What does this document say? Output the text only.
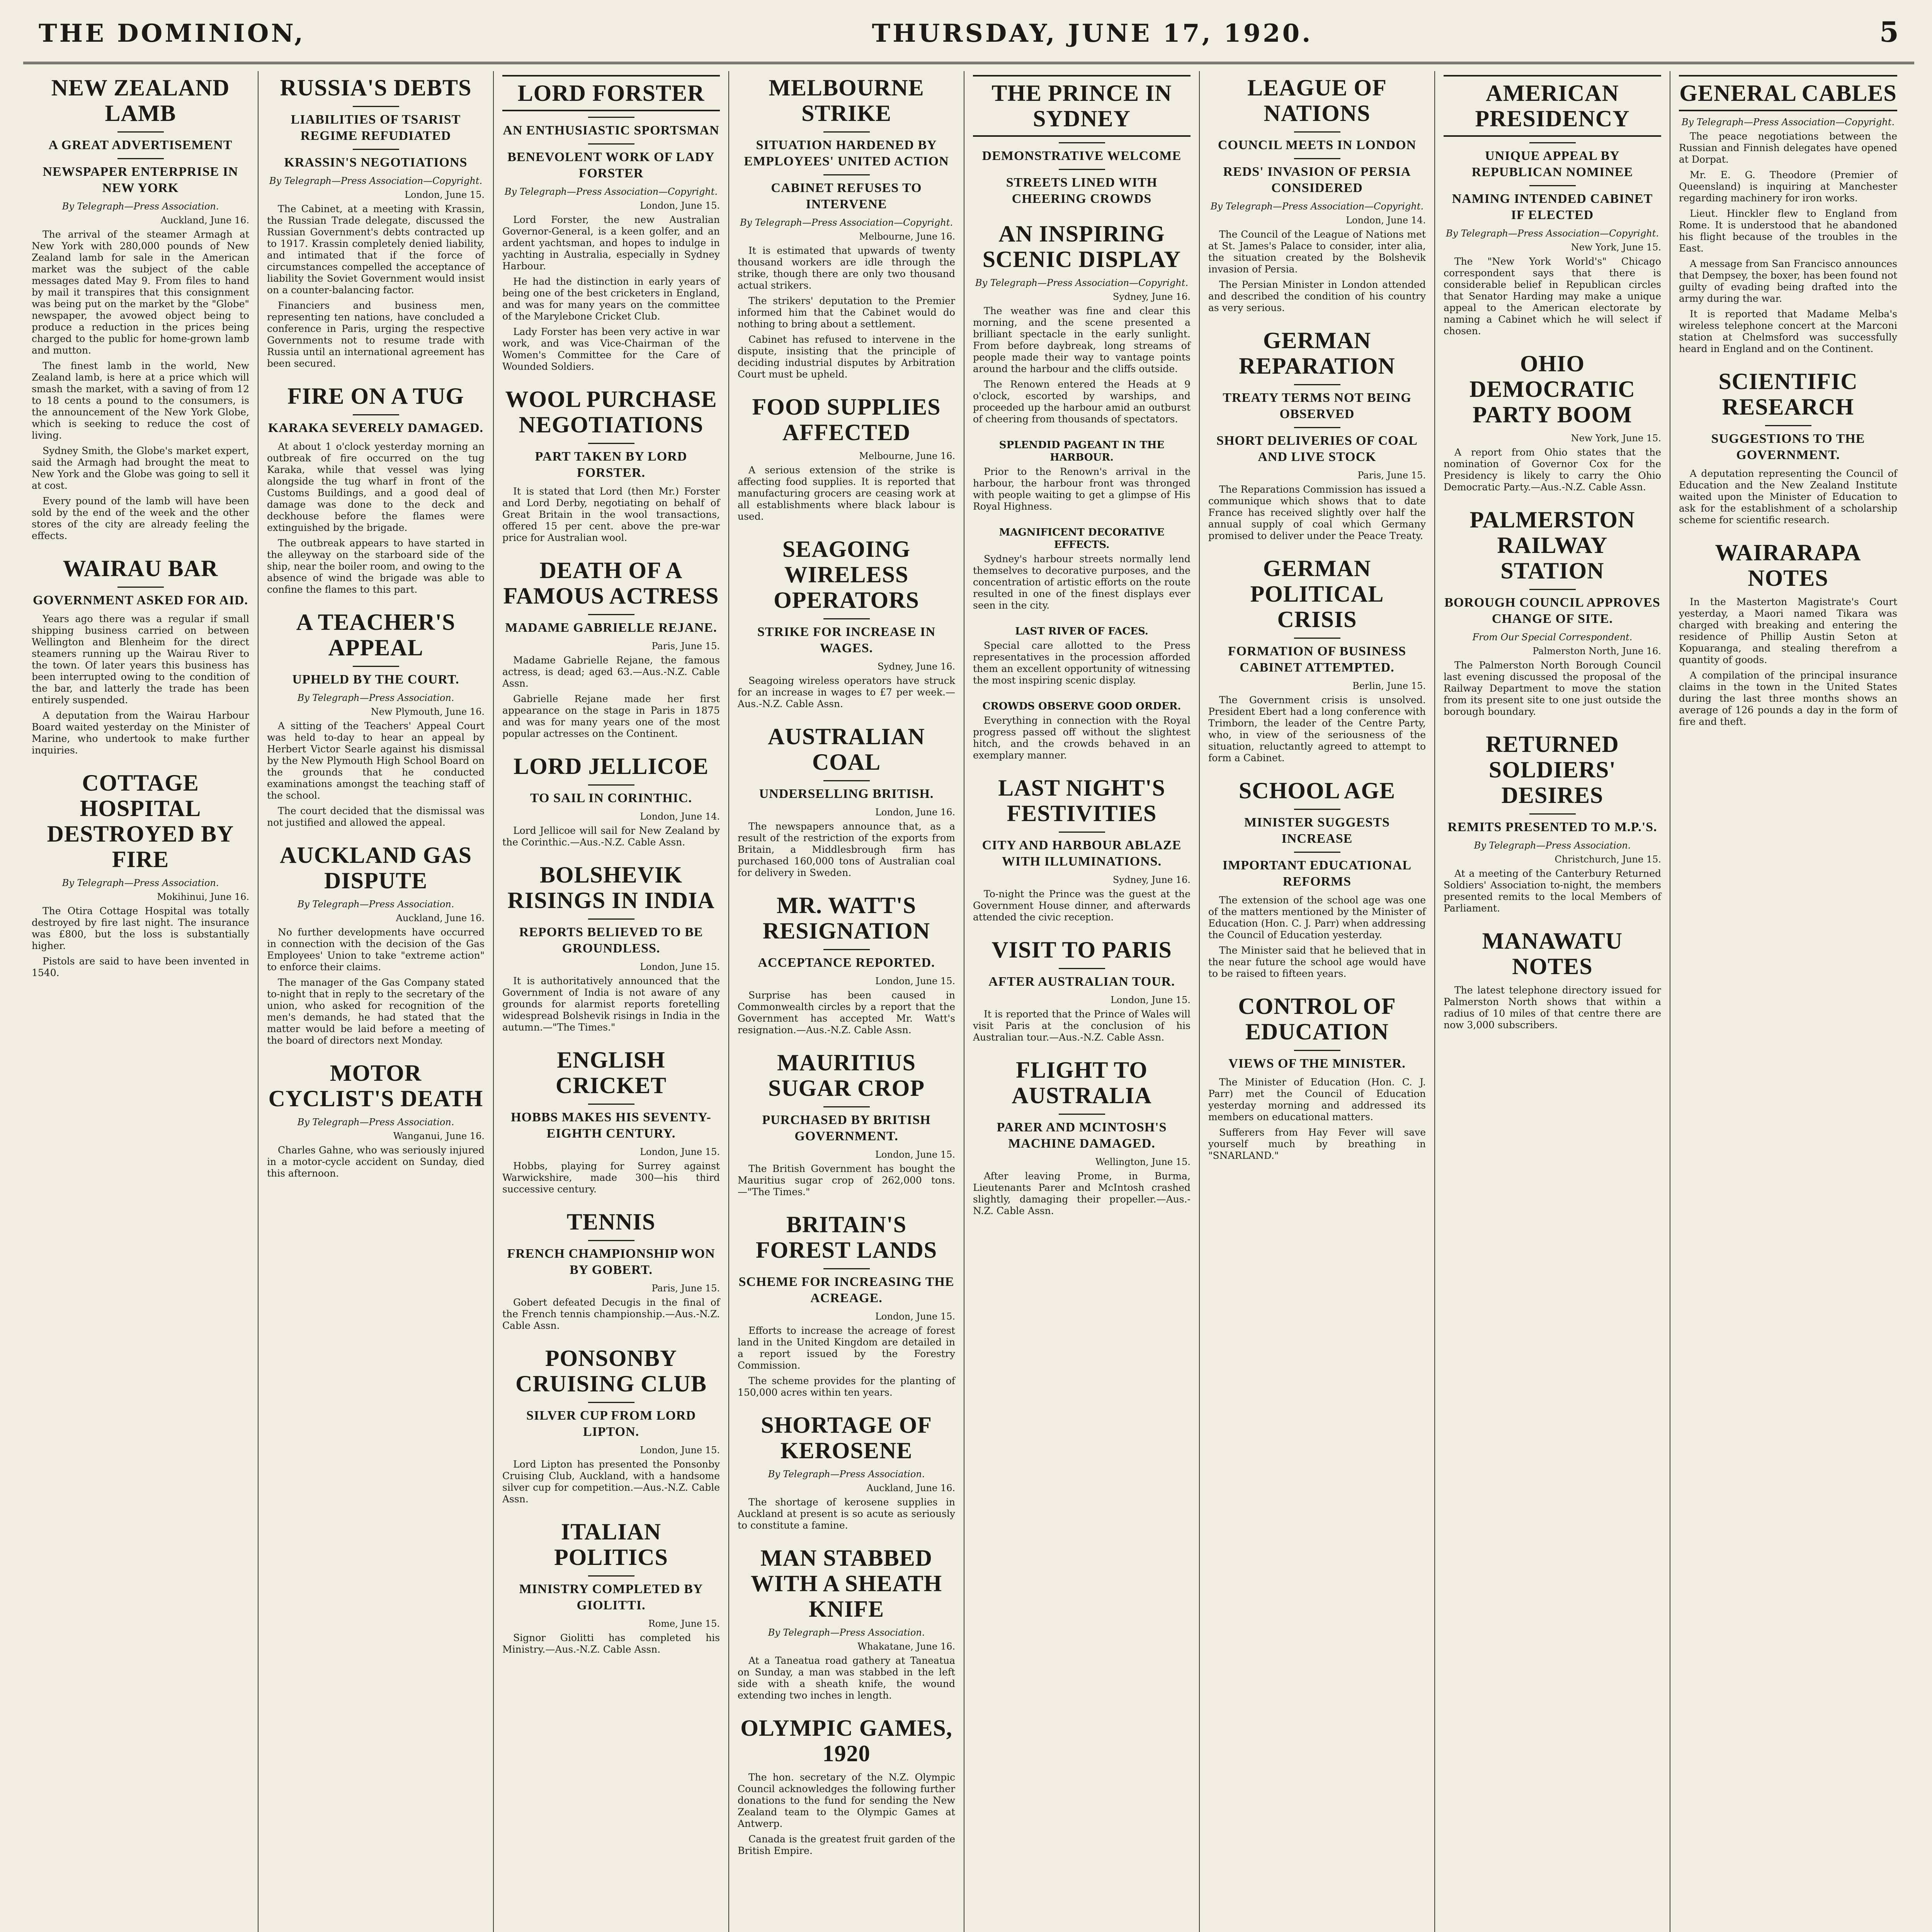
THE DOMINION,	THURSDAY, JUNE 17, 1920.	5
NEW ZEALAND LAMB
A GREAT ADVERTISEMENT
NEWSPAPER ENTERPRISE IN NEW YORK
By Telegraph—Press Association.
Auckland, June 16.

The arrival of the steamer Armagh at New York with 280,000 pounds of New Zealand lamb for sale in the American market was the subject of the cable messages dated May 9. From files to hand by mail it transpires that this consignment was being put on the market by the "Globe" newspaper, the avowed object being to produce a reduction in the prices being charged to the public for home-grown lamb and mutton.

The finest lamb in the world, New Zealand lamb, is here at a price which will smash the market, with a saving of from 12 to 18 cents a pound to the consumers, is the announcement of the New York Globe, which is seeking to reduce the cost of living.

Sydney Smith, the Globe's market expert, said the Armagh had brought the meat to New York and the Globe was going to sell it at cost.

Every pound of the lamb will have been sold by the end of the week and the other stores of the city are already feeling the effects.

WAIRAU BAR
GOVERNMENT ASKED FOR AID.

Years ago there was a regular if small shipping business carried on between Wellington and Blenheim for the direct steamers running up the Wairau River to the town. Of later years this business has been interrupted owing to the condition of the bar, and latterly the trade has been entirely suspended.

A deputation from the Wairau Harbour Board waited yesterday on the Minister of Marine, who undertook to make further inquiries.

COTTAGE HOSPITAL DESTROYED BY FIRE
By Telegraph—Press Association.
Mokihinui, June 16.

The Otira Cottage Hospital was totally destroyed by fire last night. The insurance was £800, but the loss is substantially higher.

Pistols are said to have been invented in 1540.

RUSSIA'S DEBTS
LIABILITIES OF TSARIST REGIME REFUDIATED
KRASSIN'S NEGOTIATIONS
By Telegraph—Press Association—Copyright.
London, June 15.

The Cabinet, at a meeting with Krassin, the Russian Trade delegate, discussed the Russian Government's debts contracted up to 1917. Krassin completely denied liability, and intimated that if the force of circumstances compelled the acceptance of liability the Soviet Government would insist on a counter-balancing factor.

Financiers and business men, representing ten nations, have concluded a conference in Paris, urging the respective Governments not to resume trade with Russia until an international agreement has been secured.

FIRE ON A TUG
KARAKA SEVERELY DAMAGED.

At about 1 o'clock yesterday morning an outbreak of fire occurred on the tug Karaka, while that vessel was lying alongside the tug wharf in front of the Customs Buildings, and a good deal of damage was done to the deck and deckhouse before the flames were extinguished by the brigade.

The outbreak appears to have started in the alleyway on the starboard side of the ship, near the boiler room, and owing to the absence of wind the brigade was able to confine the flames to this part.

A TEACHER'S APPEAL
UPHELD BY THE COURT.
By Telegraph—Press Association.
New Plymouth, June 16.

A sitting of the Teachers' Appeal Court was held to-day to hear an appeal by Herbert Victor Searle against his dismissal by the New Plymouth High School Board on the grounds that he conducted examinations amongst the teaching staff of the school.

The court decided that the dismissal was not justified and allowed the appeal.

AUCKLAND GAS DISPUTE
By Telegraph—Press Association.
Auckland, June 16.

No further developments have occurred in connection with the decision of the Gas Employees' Union to take "extreme action" to enforce their claims.

The manager of the Gas Company stated to-night that in reply to the secretary of the union, who asked for recognition of the men's demands, he had stated that the matter would be laid before a meeting of the board of directors next Monday.

MOTOR CYCLIST'S DEATH
By Telegraph—Press Association.
Wanganui, June 16.

Charles Gahne, who was seriously injured in a motor-cycle accident on Sunday, died this afternoon.

LORD FORSTER
AN ENTHUSIASTIC SPORTSMAN
BENEVOLENT WORK OF LADY FORSTER
By Telegraph—Press Association—Copyright.
London, June 15.

Lord Forster, the new Australian Governor-General, is a keen golfer, and an ardent yachtsman, and hopes to indulge in yachting in Australia, especially in Sydney Harbour.

He had the distinction in early years of being one of the best cricketers in England, and was for many years on the committee of the Marylebone Cricket Club.

Lady Forster has been very active in war work, and was Vice-Chairman of the Women's Committee for the Care of Wounded Soldiers.

WOOL PURCHASE NEGOTIATIONS
PART TAKEN BY LORD FORSTER.

It is stated that Lord (then Mr.) Forster and Lord Derby, negotiating on behalf of Great Britain in the wool transactions, offered 15 per cent. above the pre-war price for Australian wool.

DEATH OF A FAMOUS ACTRESS
MADAME GABRIELLE REJANE.
Paris, June 15.

Madame Gabrielle Rejane, the famous actress, is dead; aged 63.—Aus.-N.Z. Cable Assn.

Gabrielle Rejane made her first appearance on the stage in Paris in 1875 and was for many years one of the most popular actresses on the Continent.

LORD JELLICOE
TO SAIL IN CORINTHIC.
London, June 14.

Lord Jellicoe will sail for New Zealand by the Corinthic.—Aus.-N.Z. Cable Assn.

BOLSHEVIK RISINGS IN INDIA
REPORTS BELIEVED TO BE GROUNDLESS.
London, June 15.

It is authoritatively announced that the Government of India is not aware of any grounds for alarmist reports foretelling widespread Bolshevik risings in India in the autumn.—"The Times."

ENGLISH CRICKET
HOBBS MAKES HIS SEVENTY-EIGHTH CENTURY.
London, June 15.

Hobbs, playing for Surrey against Warwickshire, made 300—his third successive century.

TENNIS
FRENCH CHAMPIONSHIP WON BY GOBERT.
Paris, June 15.

Gobert defeated Decugis in the final of the French tennis championship.—Aus.-N.Z. Cable Assn.

PONSONBY CRUISING CLUB
SILVER CUP FROM LORD LIPTON.
London, June 15.

Lord Lipton has presented the Ponsonby Cruising Club, Auckland, with a handsome silver cup for competition.—Aus.-N.Z. Cable Assn.

ITALIAN POLITICS
MINISTRY COMPLETED BY GIOLITTI.
Rome, June 15.

Signor Giolitti has completed his Ministry.—Aus.-N.Z. Cable Assn.

MELBOURNE STRIKE
SITUATION HARDENED BY EMPLOYEES' UNITED ACTION
CABINET REFUSES TO INTERVENE
By Telegraph—Press Association—Copyright.
Melbourne, June 16.

It is estimated that upwards of twenty thousand workers are idle through the strike, though there are only two thousand actual strikers.

The strikers' deputation to the Premier informed him that the Cabinet would do nothing to bring about a settlement.

Cabinet has refused to intervene in the dispute, insisting that the principle of deciding industrial disputes by Arbitration Court must be upheld.

FOOD SUPPLIES AFFECTED
Melbourne, June 16.

A serious extension of the strike is affecting food supplies. It is reported that manufacturing grocers are ceasing work at all establishments where black labour is used.

SEAGOING WIRELESS OPERATORS
STRIKE FOR INCREASE IN WAGES.
Sydney, June 16.

Seagoing wireless operators have struck for an increase in wages to £7 per week.—Aus.-N.Z. Cable Assn.

AUSTRALIAN COAL
UNDERSELLING BRITISH.
London, June 16.

The newspapers announce that, as a result of the restriction of the exports from Britain, a Middlesbrough firm has purchased 160,000 tons of Australian coal for delivery in Sweden.

MR. WATT'S RESIGNATION
ACCEPTANCE REPORTED.
London, June 15.

Surprise has been caused in Commonwealth circles by a report that the Government has accepted Mr. Watt's resignation.—Aus.-N.Z. Cable Assn.

MAURITIUS SUGAR CROP
PURCHASED BY BRITISH GOVERNMENT.
London, June 15.

The British Government has bought the Mauritius sugar crop of 262,000 tons.—"The Times."

BRITAIN'S FOREST LANDS
SCHEME FOR INCREASING THE ACREAGE.
London, June 15.

Efforts to increase the acreage of forest land in the United Kingdom are detailed in a report issued by the Forestry Commission.

The scheme provides for the planting of 150,000 acres within ten years.

SHORTAGE OF KEROSENE
By Telegraph—Press Association.
Auckland, June 16.

The shortage of kerosene supplies in Auckland at present is so acute as seriously to constitute a famine.

MAN STABBED WITH A SHEATH KNIFE
By Telegraph—Press Association.
Whakatane, June 16.

At a Taneatua road gathery at Taneatua on Sunday, a man was stabbed in the left side with a sheath knife, the wound extending two inches in length.

OLYMPIC GAMES, 1920

The hon. secretary of the N.Z. Olympic Council acknowledges the following further donations to the fund for sending the New Zealand team to the Olympic Games at Antwerp.

Canada is the greatest fruit garden of the British Empire.

THE PRINCE IN SYDNEY
DEMONSTRATIVE WELCOME
STREETS LINED WITH CHEERING CROWDS
AN INSPIRING SCENIC DISPLAY
By Telegraph—Press Association—Copyright.
Sydney, June 16.

The weather was fine and clear this morning, and the scene presented a brilliant spectacle in the early sunlight. From before daybreak, long streams of people made their way to vantage points around the harbour and the cliffs outside.

The Renown entered the Heads at 9 o'clock, escorted by warships, and proceeded up the harbour amid an outburst of cheering from thousands of spectators.

SPLENDID PAGEANT IN THE HARBOUR.

Prior to the Renown's arrival in the harbour, the harbour front was thronged with people waiting to get a glimpse of His Royal Highness.

MAGNIFICENT DECORATIVE EFFECTS.

Sydney's harbour streets normally lend themselves to decorative purposes, and the concentration of artistic efforts on the route resulted in one of the finest displays ever seen in the city.

LAST RIVER OF FACES.

Special care allotted to the Press representatives in the procession afforded them an excellent opportunity of witnessing the most inspiring scenic display.

CROWDS OBSERVE GOOD ORDER.

Everything in connection with the Royal progress passed off without the slightest hitch, and the crowds behaved in an exemplary manner.

LAST NIGHT'S FESTIVITIES
CITY AND HARBOUR ABLAZE WITH ILLUMINATIONS.
Sydney, June 16.

To-night the Prince was the guest at the Government House dinner, and afterwards attended the civic reception.

VISIT TO PARIS
AFTER AUSTRALIAN TOUR.
London, June 15.

It is reported that the Prince of Wales will visit Paris at the conclusion of his Australian tour.—Aus.-N.Z. Cable Assn.

FLIGHT TO AUSTRALIA
PARER AND MCINTOSH'S MACHINE DAMAGED.
Wellington, June 15.

After leaving Prome, in Burma, Lieutenants Parer and McIntosh crashed slightly, damaging their propeller.—Aus.-N.Z. Cable Assn.

LEAGUE OF NATIONS
COUNCIL MEETS IN LONDON
REDS' INVASION OF PERSIA CONSIDERED
By Telegraph—Press Association—Copyright.
London, June 14.

The Council of the League of Nations met at St. James's Palace to consider, inter alia, the situation created by the Bolshevik invasion of Persia.

The Persian Minister in London attended and described the condition of his country as very serious.

GERMAN REPARATION
TREATY TERMS NOT BEING OBSERVED
SHORT DELIVERIES OF COAL AND LIVE STOCK
Paris, June 15.

The Reparations Commission has issued a communique which shows that to date France has received slightly over half the annual supply of coal which Germany promised to deliver under the Peace Treaty.

GERMAN POLITICAL CRISIS
FORMATION OF BUSINESS CABINET ATTEMPTED.
Berlin, June 15.

The Government crisis is unsolved. President Ebert had a long conference with Trimborn, the leader of the Centre Party, who, in view of the seriousness of the situation, reluctantly agreed to attempt to form a Cabinet.

SCHOOL AGE
MINISTER SUGGESTS INCREASE
IMPORTANT EDUCATIONAL REFORMS

The extension of the school age was one of the matters mentioned by the Minister of Education (Hon. C. J. Parr) when addressing the Council of Education yesterday.

The Minister said that he believed that in the near future the school age would have to be raised to fifteen years.

CONTROL OF EDUCATION
VIEWS OF THE MINISTER.

The Minister of Education (Hon. C. J. Parr) met the Council of Education yesterday morning and addressed its members on educational matters.

Sufferers from Hay Fever will save yourself much by breathing in "SNARLAND."

AMERICAN PRESIDENCY
UNIQUE APPEAL BY REPUBLICAN NOMINEE
NAMING INTENDED CABINET IF ELECTED
By Telegraph—Press Association—Copyright.
New York, June 15.

The "New York World's" Chicago correspondent says that there is considerable belief in Republican circles that Senator Harding may make a unique appeal to the American electorate by naming a Cabinet which he will select if chosen.

OHIO DEMOCRATIC PARTY BOOM
New York, June 15.

A report from Ohio states that the nomination of Governor Cox for the Presidency is likely to carry the Ohio Democratic Party.—Aus.-N.Z. Cable Assn.

PALMERSTON RAILWAY STATION
BOROUGH COUNCIL APPROVES CHANGE OF SITE.
From Our Special Correspondent.
Palmerston North, June 16.

The Palmerston North Borough Council last evening discussed the proposal of the Railway Department to move the station from its present site to one just outside the borough boundary.

RETURNED SOLDIERS' DESIRES
REMITS PRESENTED TO M.P.'S.
By Telegraph—Press Association.
Christchurch, June 15.

At a meeting of the Canterbury Returned Soldiers' Association to-night, the members presented remits to the local Members of Parliament.

MANAWATU NOTES

The latest telephone directory issued for Palmerston North shows that within a radius of 10 miles of that centre there are now 3,000 subscribers.

GENERAL CABLES
By Telegraph—Press Association—Copyright.

The peace negotiations between the Russian and Finnish delegates have opened at Dorpat.

Mr. E. G. Theodore (Premier of Queensland) is inquiring at Manchester regarding machinery for iron works.

Lieut. Hinckler flew to England from Rome. It is understood that he abandoned his flight because of the troubles in the East.

A message from San Francisco announces that Dempsey, the boxer, has been found not guilty of evading being drafted into the army during the war.

It is reported that Madame Melba's wireless telephone concert at the Marconi station at Chelmsford was successfully heard in England and on the Continent.

SCIENTIFIC RESEARCH
SUGGESTIONS TO THE GOVERNMENT.

A deputation representing the Council of Education and the New Zealand Institute waited upon the Minister of Education to ask for the establishment of a scholarship scheme for scientific research.

WAIRARAPA NOTES

In the Masterton Magistrate's Court yesterday, a Maori named Tikara was charged with breaking and entering the residence of Phillip Austin Seton at Kopuaranga, and stealing therefrom a quantity of goods.

A compilation of the principal insurance claims in the town in the United States during the last three months shows an average of 126 pounds a day in the form of fire and theft.
